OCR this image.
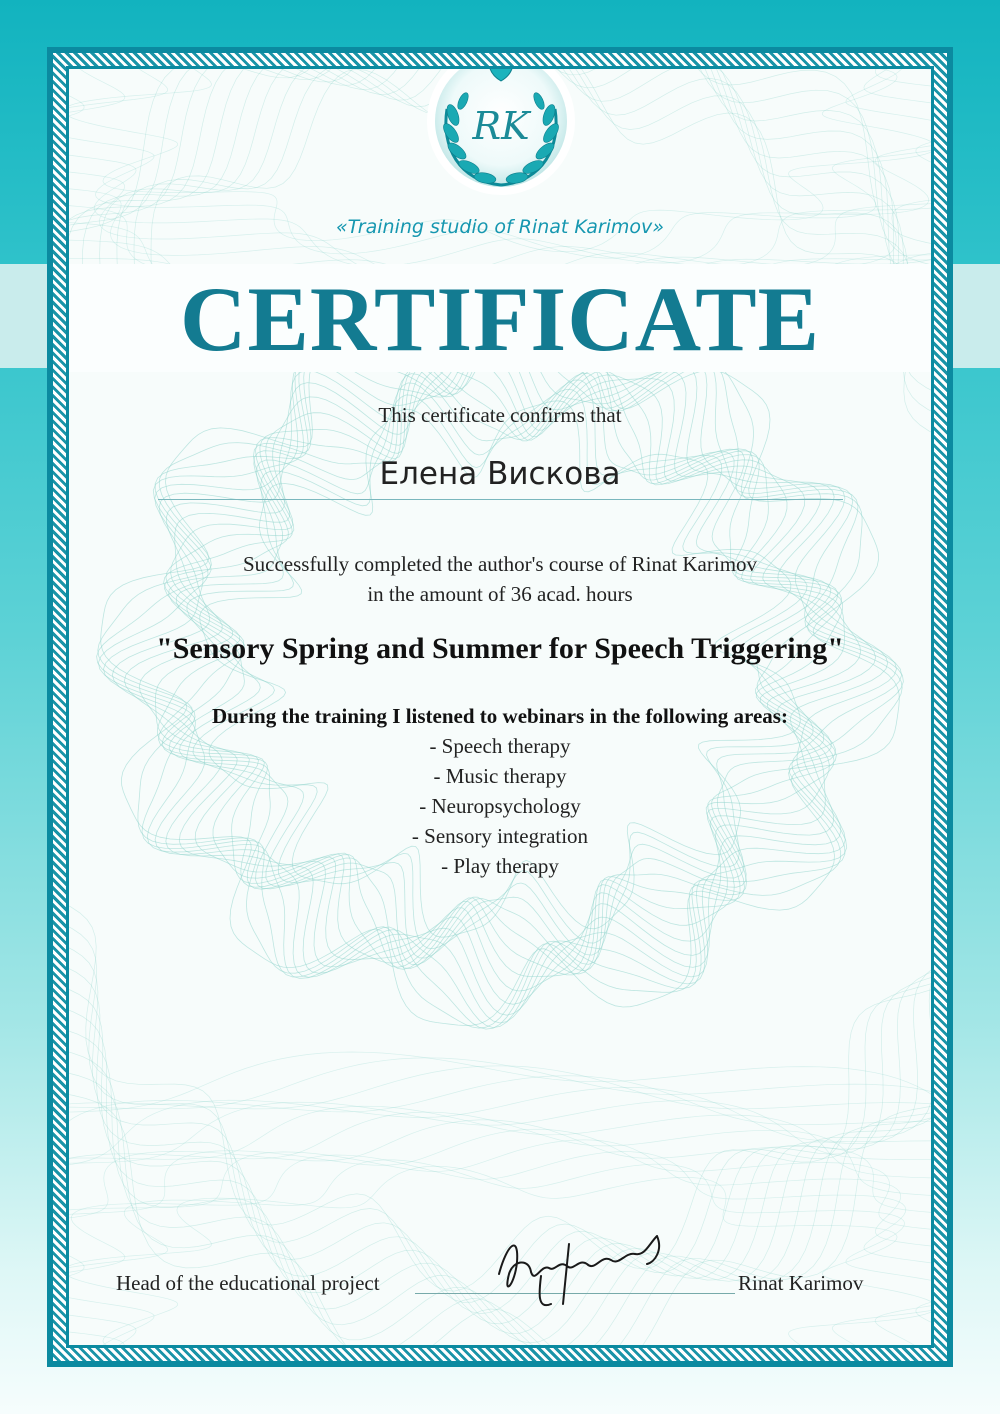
RK
«Training studio of Rinat Karimov»
CERTIFICATE
This certificate confirms that
Елена Вискова
Successfully completed the author's course of Rinat Karimov
in the amount of 36 acad. hours
"Sensory Spring and Summer for Speech Triggering"
During the training I listened to webinars in the following areas:
- Speech therapy
- Music therapy
- Neuropsychology
- Sensory integration
- Play therapy
Head of the educational project	Rinat Karimov
